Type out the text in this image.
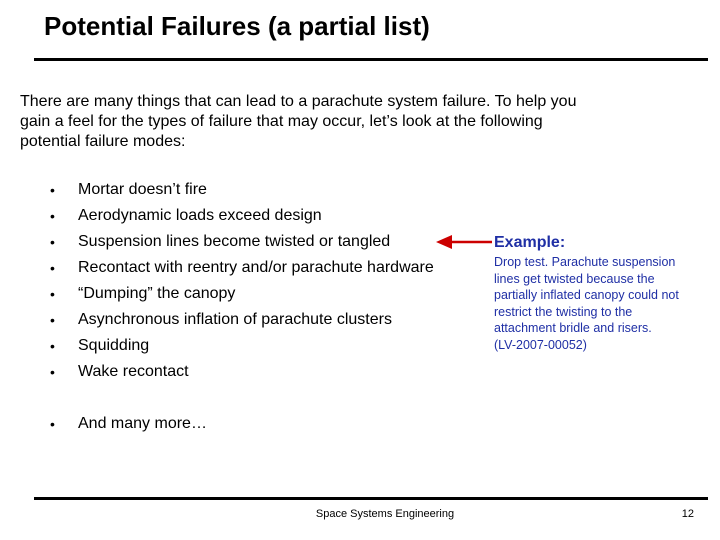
Potential Failures (a partial list)
There are many things that can lead to a parachute system failure. To help you
gain a feel for the types of failure that may occur, let’s look at the following
potential failure modes:
• Mortar doesn’t fire
• Aerodynamic loads exceed design
• Suspension lines become twisted or tangled
• Recontact with reentry and/or parachute hardware
• “Dumping” the canopy
• Asynchronous inflation of parachute clusters
• Squidding
• Wake recontact
• And many more…
Example:
Drop test. Parachute suspension
lines get twisted because the
partially inflated canopy could not
restrict the twisting to the
attachment bridle and risers.
(LV-2007-00052)
Space Systems Engineering	12
